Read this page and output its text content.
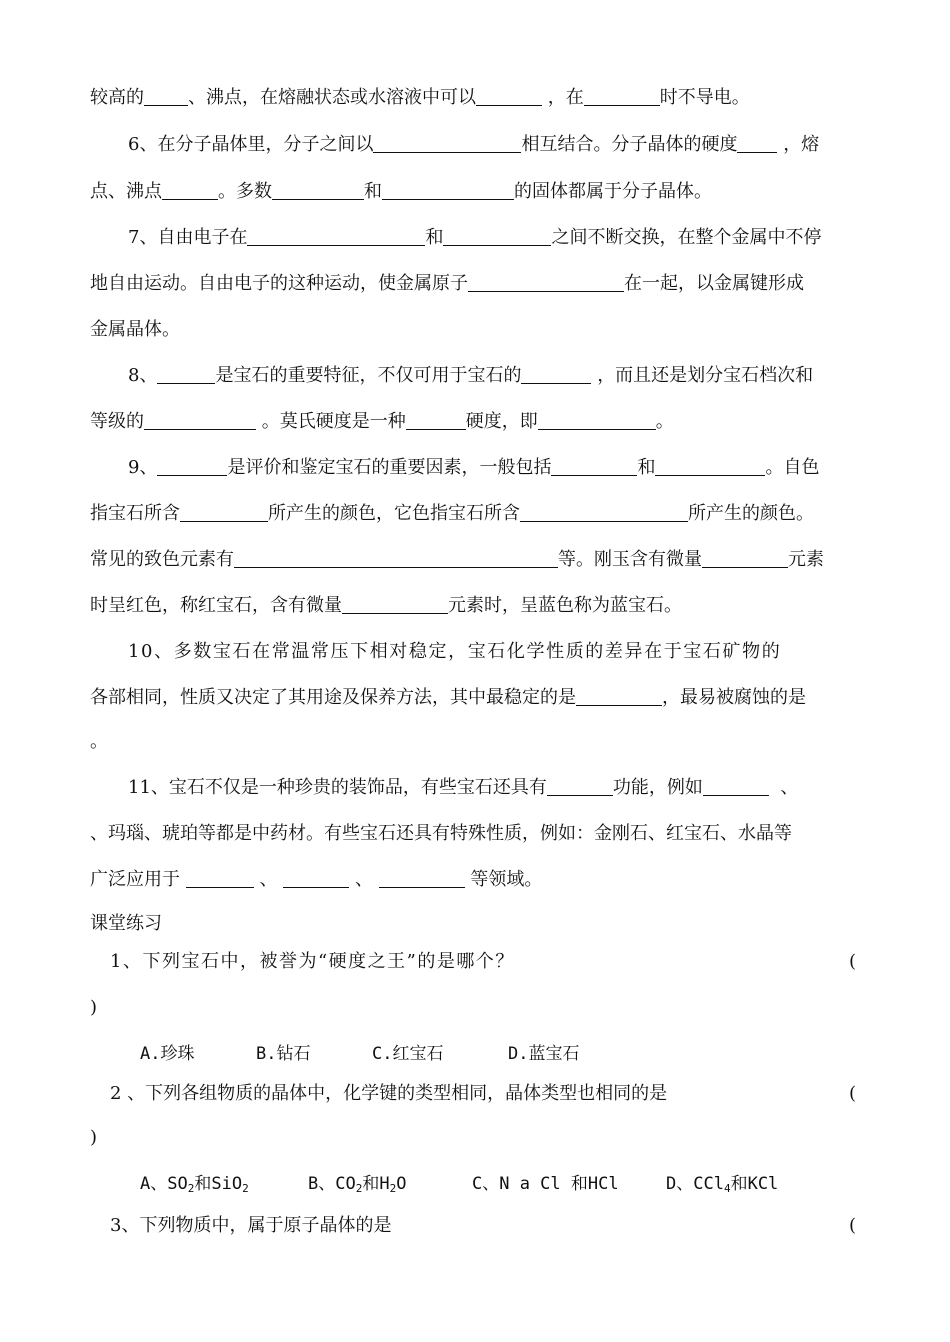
较高的 、沸点，在熔融状态或水溶液中可以	，在	时不导电。
6、在分子晶体里，分子之间以	相互结合。分子晶体的硬度	，熔
点、沸点	。多数	和	的固体都属于分子晶体。
7、自由电子在	和	之间不断交换，在整个金属中不停
地自由运动。自由电子的这种运动，使金属原子	在一起，以金属键形成
金属晶体。
8、	是宝石的重要特征，不仅可用于宝石的	，而且还是划分宝石档次和
等级的	。莫氏硬度是一种	硬度，即	。
9、	是评价和鉴定宝石的重要因素，一般包括	和	。自色
指宝石所含	所产生的颜色，它色指宝石所含	所产生的颜色。
常见的致色元素有	等。刚玉含有微量	元素
时呈红色，称红宝石，含有微量	元素时，呈蓝色称为蓝宝石。
10、多数宝石在常温常压下相对稳定，宝石化学性质的差异在于宝石矿物的
各部相同，性质又决定了其用途及保养方法，其中最稳定的是	，最易被腐蚀的是
。
11、宝石不仅是一种珍贵的装饰品，有些宝石还具有	功能，例如	、
、玛瑙、琥珀等都是中药材。有些宝石还具有特殊性质，例如：金刚石、红宝石、水晶等
广泛应用于	、	、	等领域。
课堂练习
1、下列宝石中，被誉为“硬度之王”的是哪个？	(
)
A.珍珠	B.钻石	C.红宝石	D.蓝宝石
2 、下列各组物质的晶体中，化学键的类型相同，晶体类型也相同的是	(
)
A、$SO_2$和SiO$_2$	B、$CO_2$和$H_2O$	C、N a Cl 和HCl	D、CCl$_4$和KCl
3、下列物质中，属于原子晶体的是	(
